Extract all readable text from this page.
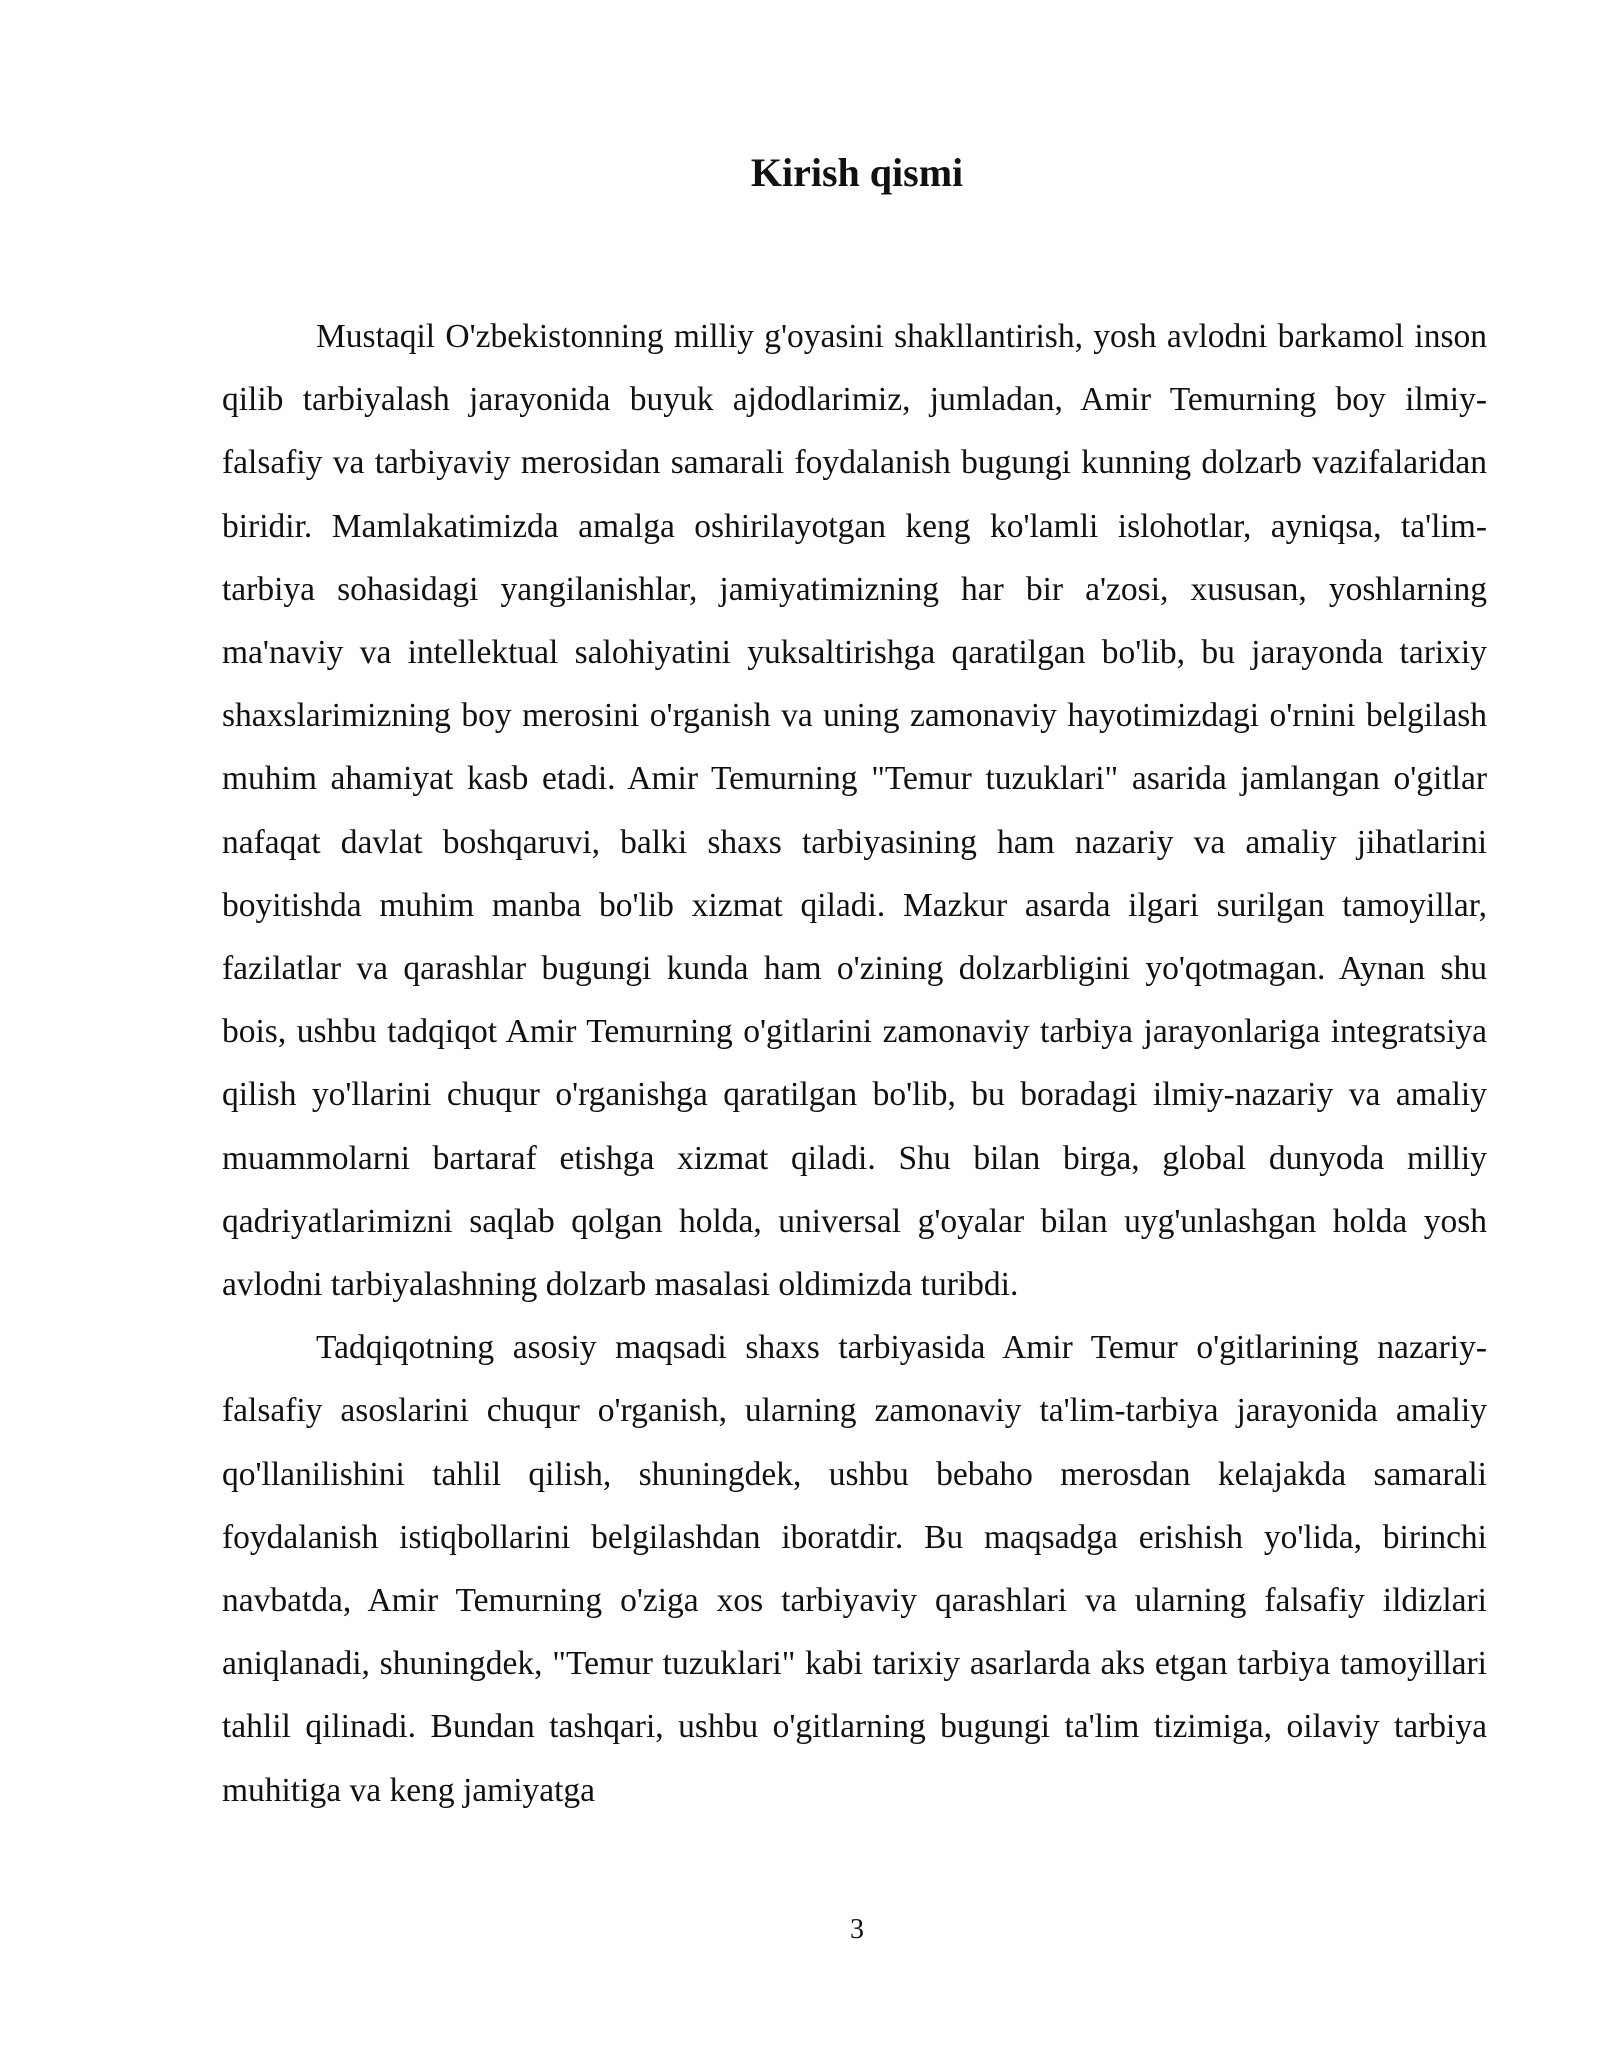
Kirish qismi

Mustaqil O'zbekistonning milliy g'oyasini shakllantirish, yosh avlodni barkamol inson qilib tarbiyalash jarayonida buyuk ajdodlarimiz, jumladan, Amir Temurning boy ilmiy-falsafiy va tarbiyaviy merosidan samarali foydalanish bugungi kunning dolzarb vazifalaridan biridir. Mamlakatimizda amalga oshirilayotgan keng ko'lamli islohotlar, ayniqsa, ta'lim-tarbiya sohasidagi yangilanishlar, jamiyatimizning har bir a'zosi, xususan, yoshlarning ma'naviy va intellektual salohiyatini yuksaltirishga qaratilgan bo'lib, bu jarayonda tarixiy shaxslarimizning boy merosini o'rganish va uning zamonaviy hayotimizdagi o'rnini belgilash muhim ahamiyat kasb etadi. Amir Temurning "Temur tuzuklari" asarida jamlangan o'gitlar nafaqat davlat boshqaruvi, balki shaxs tarbiyasining ham nazariy va amaliy jihatlarini boyitishda muhim manba bo'lib xizmat qiladi. Mazkur asarda ilgari surilgan tamoyillar, fazilatlar va qarashlar bugungi kunda ham o'zining dolzarbligini yo'qotmagan. Aynan shu bois, ushbu tadqiqot Amir Temurning o'gitlarini zamonaviy tarbiya jarayonlariga integratsiya qilish yo'llarini chuqur o'rganishga qaratilgan bo'lib, bu boradagi ilmiy-nazariy va amaliy muammolarni bartaraf etishga xizmat qiladi. Shu bilan birga, global dunyoda milliy qadriyatlarimizni saqlab qolgan holda, universal g'oyalar bilan uyg'unlashgan holda yosh avlodni tarbiyalashning dolzarb masalasi oldimizda turibdi.

Tadqiqotning asosiy maqsadi shaxs tarbiyasida Amir Temur o'gitlarining nazariy-falsafiy asoslarini chuqur o'rganish, ularning zamonaviy ta'lim-tarbiya jarayonida amaliy qo'llanilishini tahlil qilish, shuningdek, ushbu bebaho merosdan kelajakda samarali foydalanish istiqbollarini belgilashdan iboratdir. Bu maqsadga erishish yo'lida, birinchi navbatda, Amir Temurning o'ziga xos tarbiyaviy qarashlari va ularning falsafiy ildizlari aniqlanadi, shuningdek, "Temur tuzuklari" kabi tarixiy asarlarda aks etgan tarbiya tamoyillari tahlil qilinadi. Bundan tashqari, ushbu o'gitlarning bugungi ta'lim tizimiga, oilaviy tarbiya muhitiga va keng jamiyatga

3
